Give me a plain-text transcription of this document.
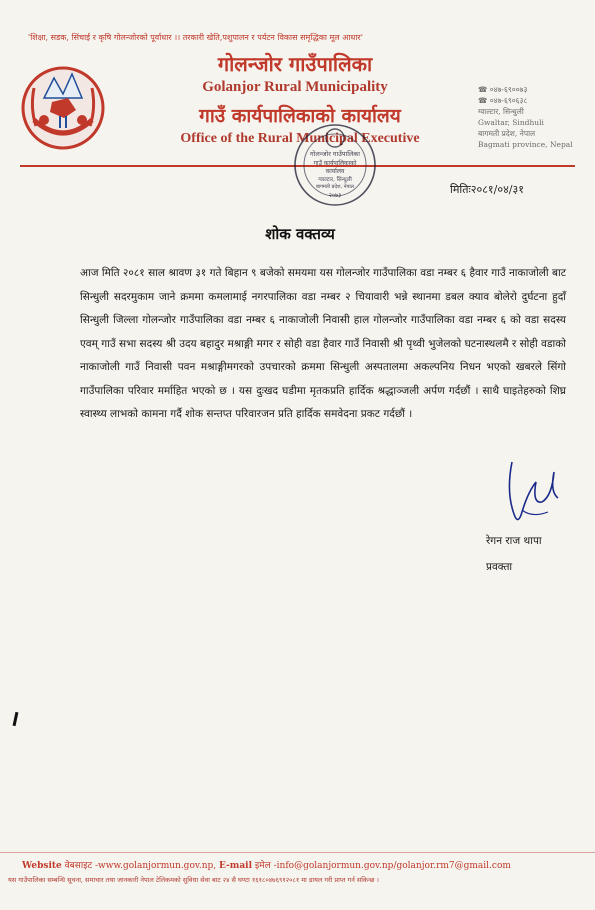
'शिक्षा, सडक, सिंचाई र कृषि गोलन्जोरको पूर्वाधार ।। तरकारी खेति,पशुपालन र पर्यटन विकास समृद्धिका मूल आधार'
गोलन्जोर गाउँपालिका
Golanjor Rural Municipality
गाउँ कार्यपालिकाको कार्यालय
Office of the Rural Municipal Executive
☎ ०४७-६९००७३
☎ ०४७-६९०६३८
ग्वाल्टार, सिन्धुली
Gwaltar, Sindhuli
बागमती प्रदेश, नेपाल
Bagmati province, Nepal
गोलन्जोर गाउँपालिका
गाउँ कार्यपालिकाको
कार्यालय
ग्वाल्टार, सिन्धुली
बागमती प्रदेश, नेपाल
२०७३	मितिः२०८१/०४/३१
शोक वक्तव्य
आज मिति २०८१ साल श्रावण ३१ गते बिहान ९ बजेको समयमा यस गोलन्जोर गाउँपालिका वडा नम्बर ६ हैवार गाउँ नाकाजोली बाट सिन्धुली सदरमुकाम जाने क्रममा कमलामाई नगरपालिका वडा नम्बर २ चियावारी भन्ने स्थानमा डबल क्याव बोलेरो दुर्घटना हुदाँ सिन्धुली जिल्ला गोलन्जोर गाउँपालिका वडा नम्बर ६ नाकाजोली निवासी हाल गोलन्जोर गाउँपालिका वडा नम्बर ६ को वडा सदस्य एवम् गाउँ सभा सदस्य श्री उदय बहादुर मश्राङ्गी मगर र सोही वडा हैवार गाउँ निवासी श्री पृथ्वी भुजेलको घटनास्थलमै र सोही वडाको नाकाजोली गाउँ निवासी पवन मश्राङ्गीमगरको उपचारको क्रममा सिन्धुली अस्पतालमा अकल्पनिय निधन भएको खबरले सिंगो गाउँपालिका परिवार मर्माहित भएको छ । यस दुःखद घडीमा मृतकप्रति हार्दिक श्रद्धाञ्जली अर्पण गर्दछौं । साथै घाइतेहरुको शिघ्र स्वास्थ्य लाभको कामना गर्दै शोक सन्तप्त परिवारजन प्रति हार्दिक समवेदना प्रकट गर्दछौं ।
रेगन राज थापा
प्रवक्ता
Website वेबसाइट -www.golanjormun.gov.np, E-mail इमेल -info@golanjormun.gov.np/golanjor.rm7@gmail.com
यस गाउँपालिका सम्बन्धि सूचना, समाचार तथा जानकारी नेपाल टेलिकमको सुविधा सेवा बाट २४ सै घण्टा १६१८०४७६९१२०८१ मा डायल गरी प्राप्त गर्न सकिन्छ ।
